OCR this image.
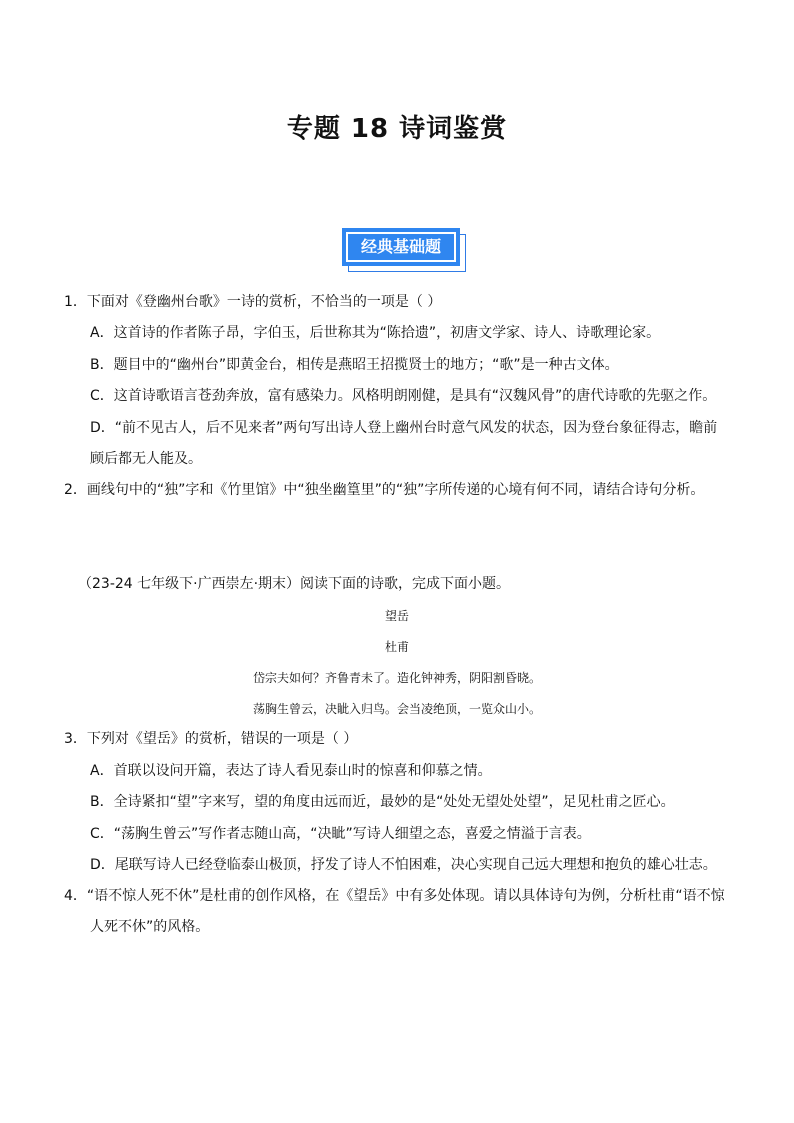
专题 18 诗词鉴赏
经典基础题
1．下面对《登幽州台歌》一诗的赏析，不恰当的一项是（ ）
A．这首诗的作者陈子昂，字伯玉，后世称其为“陈拾遗”，初唐文学家、诗人、诗歌理论家。
B．题目中的“幽州台”即黄金台，相传是燕昭王招揽贤士的地方；“歌”是一种古文体。
C．这首诗歌语言苍劲奔放，富有感染力。风格明朗刚健，是具有“汉魏风骨”的唐代诗歌的先驱之作。
D．“前不见古人，后不见来者”两句写出诗人登上幽州台时意气风发的状态，因为登台象征得志，瞻前
顾后都无人能及。
2．画线句中的“独”字和《竹里馆》中“独坐幽篁里”的“独”字所传递的心境有何不同，请结合诗句分析。
（23-24 七年级下·广西崇左·期末）阅读下面的诗歌，完成下面小题。
望岳
杜甫
岱宗夫如何？齐鲁青未了。造化钟神秀，阴阳割昏晓。
荡胸生曾云，决眦入归鸟。会当凌绝顶，一览众山小。
3．下列对《望岳》的赏析，错误的一项是（ ）
A．首联以设问开篇，表达了诗人看见泰山时的惊喜和仰慕之情。
B．全诗紧扣“望”字来写，望的角度由远而近，最妙的是“处处无望处处望”，足见杜甫之匠心。
C．“荡胸生曾云”写作者志随山高，“决眦”写诗人细望之态，喜爱之情溢于言表。
D．尾联写诗人已经登临泰山极顶，抒发了诗人不怕困难，决心实现自己远大理想和抱负的雄心壮志。
4．“语不惊人死不休”是杜甫的创作风格，在《望岳》中有多处体现。请以具体诗句为例，分析杜甫“语不惊
人死不休”的风格。
